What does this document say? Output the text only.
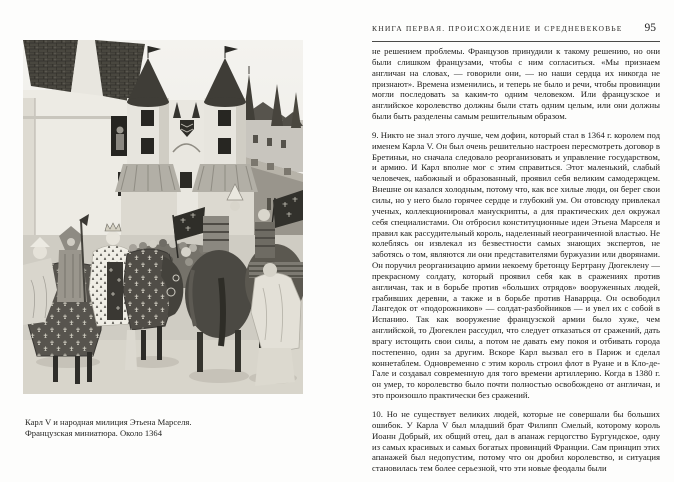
КНИГА ПЕРВАЯ. ПРОИСХОЖДЕНИЕ И СРЕДНЕВЕКОВЬЕ 95
Карл V и народная милиция Этьена Марселя.
Французская миниатюра. Около 1364

не решением проблемы. Французов принудили к такому решению, но они были слишком французами, чтобы с ним согласиться. «Мы признаем англичан на словах, — говорили они, — но наши сердца их никогда не признают». Времена изменились, и теперь не было и речи, чтобы провинции могли последовать за каким-то одним человеком. Или французское и английское королевство должны были стать одним целым, или они должны были быть разделены самым решительным образом.

9. Никто не знал этого лучше, чем дофин, который стал в 1364 г. королем под именем Карла V. Он был очень решительно настроен пересмотреть договор в Бретиньи, но сначала следовало реорганизовать и управление государством, и армию. И Карл вполне мог с этим справиться. Этот маленький, слабый человечек, набожный и образованный, проявил себя великим самодержцем. Внешне он казался холодным, потому что, как все хилые люди, он берег свои силы, но у него было горячее сердце и глубокий ум. Он отовсюду привлекал ученых, коллекционировал манускрипты, а для практических дел окружал себя специалистами. Он отбросил конституционные идеи Этьена Марселя и правил как рассудительный король, наделенный неограниченной властью. Не колеблясь он извлекал из безвестности самых знающих экспертов, не заботясь о том, являются ли они представителями буржуазии или дворянами. Он поручил реорганизацию армии некоему бретонцу Бертрану Дюгеклену — прекрасному солдату, который проявил себя как в сражениях против англичан, так и в борьбе против «больших отрядов» вооруженных людей, грабивших деревни, а также и в борьбе против Наваррца. Он освободил Лангедок от «подорожников» — солдат-разбойников — и увел их с собой в Испанию. Так как вооружение французской армии было хуже, чем английской, то Дюгеклен рассудил, что следует отказаться от сражений, дать врагу истощить свои силы, а потом не давать ему покоя и отбивать города постепенно, один за другим. Вскоре Карл вызвал его в Париж и сделал коннетаблем. Одновременно с этим король строил флот в Руане и в Кло-де-Гале и создавал современную для того времени артиллерию. Когда в 1380 г. он умер, то королевство было почти полностью освобождено от англичан, и это произошло практически без сражений.

10. Но не существует великих людей, которые не совершали бы больших ошибок. У Карла V был младший брат Филипп Смелый, которому король Иоанн Добрый, их общий отец, дал в апанаж герцогство Бургундское, одну из самых красивых и самых богатых провинций Франции. Сам принцип этих апанажей был недопустим, потому что он дробил королевство, и ситуация становилась тем более серьезной, что эти новые феодалы были
